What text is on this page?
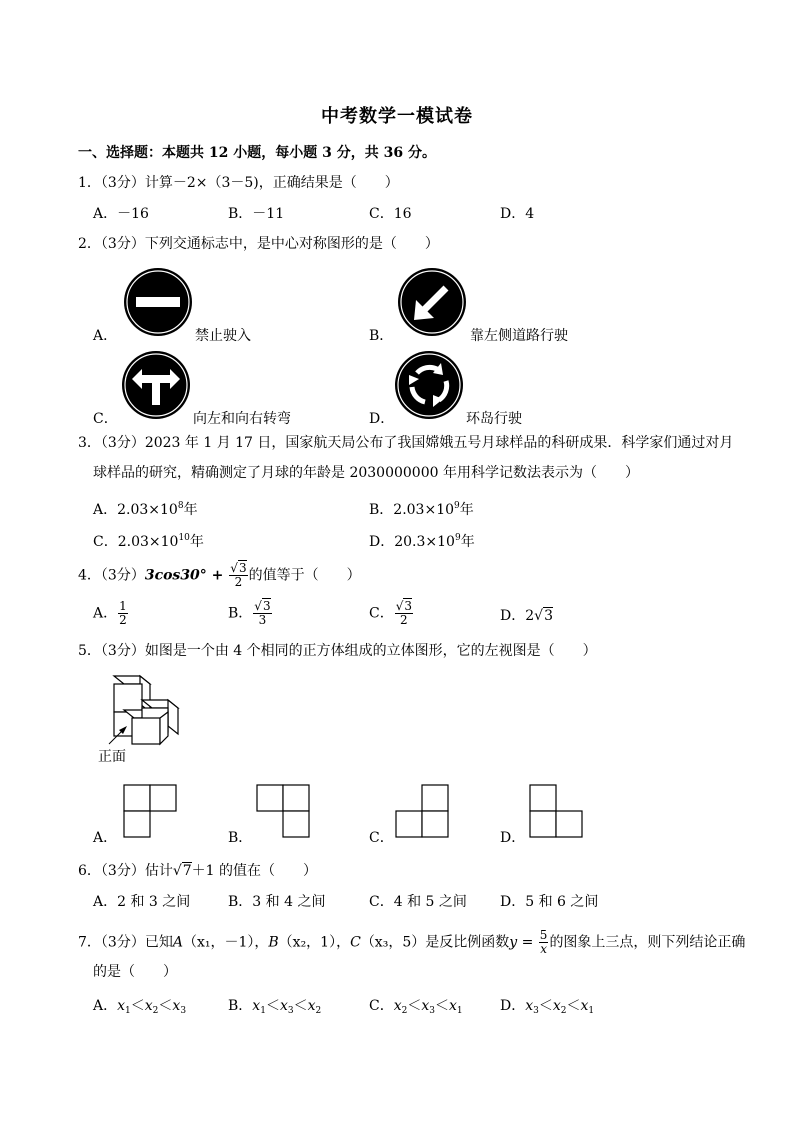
中考数学一模试卷
一、选择题：本题共 12 小题，每小题 3 分，共 36 分。
1．（3分）计算－2×（3－5)，正确结果是（　　）
A．－16	B．－11	C．16	D．4
2．（3分）下列交通标志中，是中心对称图形的是（　　）
A．	禁止驶入	B．	靠左侧道路行驶
C．	向左和向右转弯	D．	环岛行驶
3．（3分）2023 年 1 月 17 日，国家航天局公布了我国嫦娥五号月球样品的科研成果．科学家们通过对月
球样品的研究，精确测定了月球的年龄是 2030000000 年用科学记数法表示为（　　）
A．$2.03\times 10^8$年	B．$2.03\times 10^9$年
C．$2.03\times 10^{10}$年	D．$20.3\times 10^9$年
4．（3分）$3\cos 30^\circ + \frac{√3}{2}$ 的值等于（　　）
A． $\frac{1}{2}$	B． $\frac{√3}{3}$	C． $\frac{√3}{2}$	D．2√3
5．（3分）如图是一个由 4 个相同的正方体组成的立体图形，它的左视图是（　　）
正面
A．	B．	C．	D．
6．（3分）估计√7＋1 的值在（　　）
A．2 和 3 之间	B．3 和 4 之间	C．4 和 5 之间 D．5 和 6 之间
7．（3分）已知A（x₁，－1），B（x₂，1），C（x₃，5）是反比例函数$y = \frac{5}{x}$ 的图象上三点，则下列结论正确
的是（　　）
A．$x_1<x_2<x_3$	B．$x_1<x_3<x_2$	C．$x_2<x_3<x_1$	D．$x_3<x_2<x_1$
